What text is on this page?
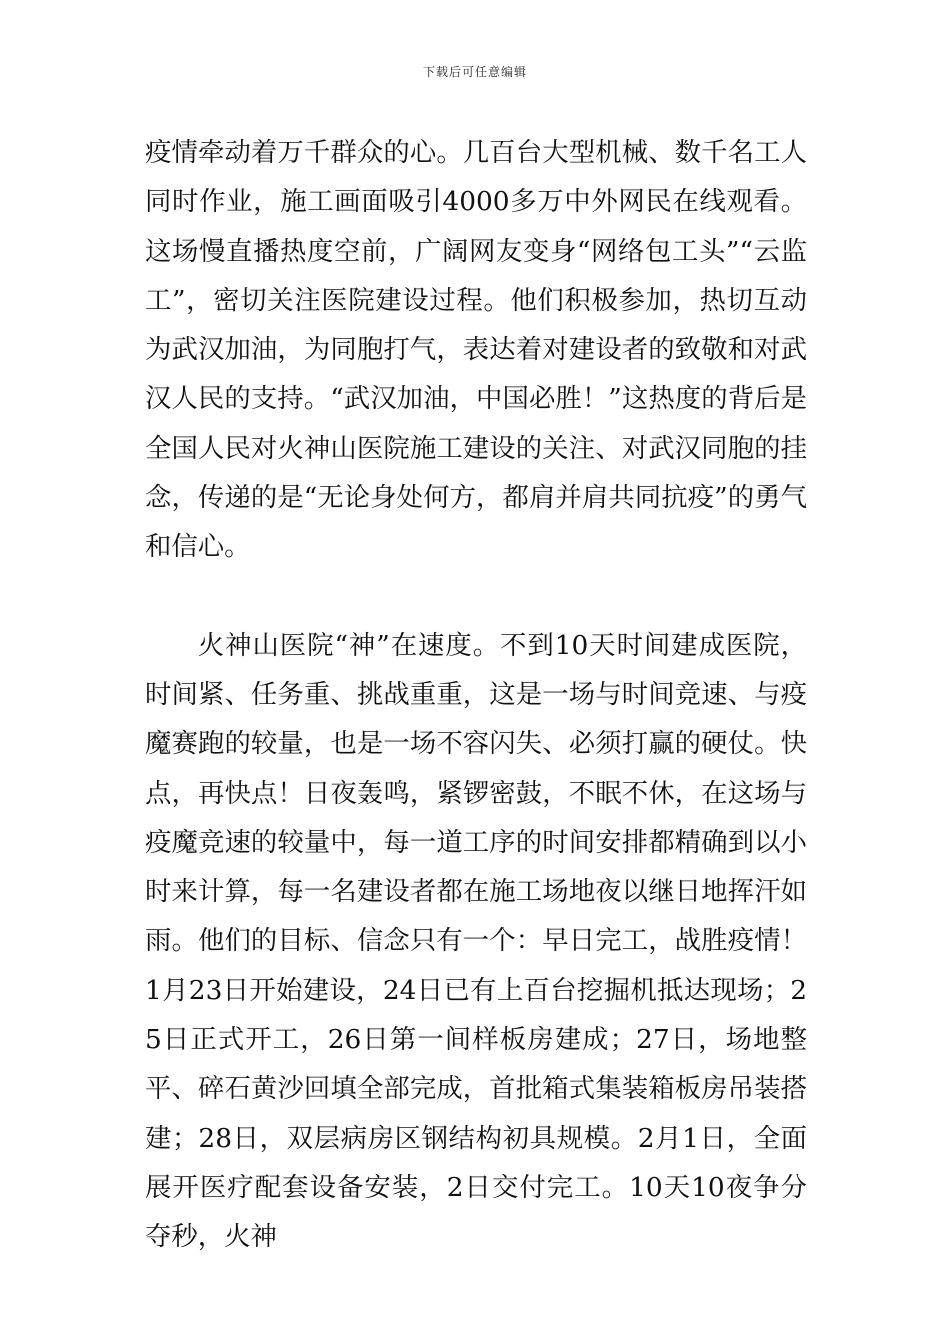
下载后可任意编辑

疫情牵动着万千群众的心。几百台大型机械、数千名工人同时作业，施工画面吸引4000多万中外网民在线观看。这场慢直播热度空前，广阔网友变身“网络包工头”“云监工”，密切关注医院建设过程。他们积极参加，热切互动为武汉加油，为同胞打气，表达着对建设者的致敬和对武汉人民的支持。“武汉加油，中国必胜！”这热度的背后是全国人民对火神山医院施工建设的关注、对武汉同胞的挂念，传递的是“无论身处何方，都肩并肩共同抗疫”的勇气和信心。

火神山医院“神”在速度。不到10天时间建成医院，时间紧、任务重、挑战重重，这是一场与时间竞速、与疫魔赛跑的较量，也是一场不容闪失、必须打赢的硬仗。快点，再快点！日夜轰鸣，紧锣密鼓，不眠不休，在这场与疫魔竞速的较量中，每一道工序的时间安排都精确到以小时来计算，每一名建设者都在施工场地夜以继日地挥汗如雨。他们的目标、信念只有一个：早日完工，战胜疫情！1月23日开始建设，24日已有上百台挖掘机抵达现场；25日正式开工，26日第一间样板房建成；27日，场地整平、碎石黄沙回填全部完成，首批箱式集装箱板房吊装搭建；28日，双层病房区钢结构初具规模。2月1日，全面展开医疗配套设备安装，2日交付完工。10天10夜争分夺秒，火神
